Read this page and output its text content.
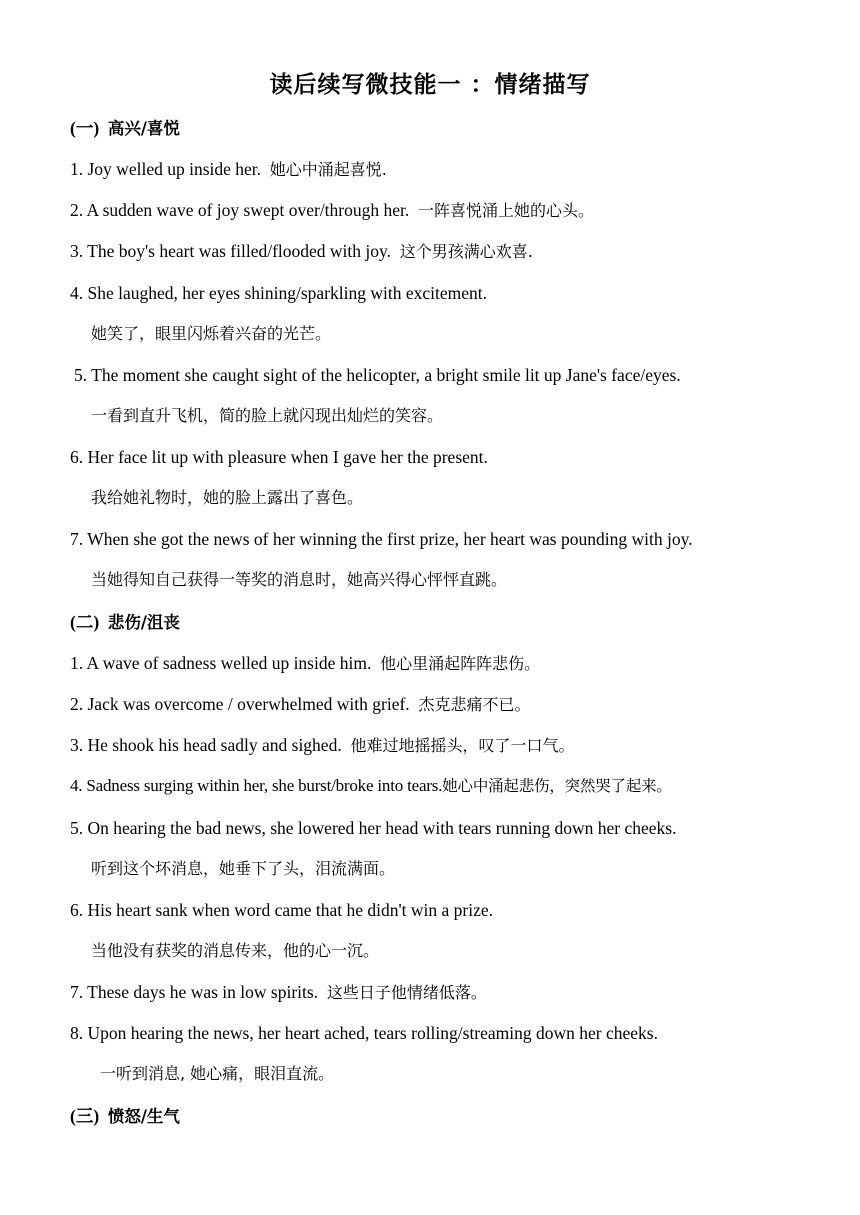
读后续写微技能一 ：情绪描写
(一) 高兴/喜悦
1. Joy welled up inside her. 她心中涌起喜悦.
2. A sudden wave of joy swept over/through her. 一阵喜悦涌上她的心头。
3. The boy's heart was filled/flooded with joy. 这个男孩满心欢喜.
4. She laughed, her eyes shining/sparkling with excitement.
她笑了，眼里闪烁着兴奋的光芒。
5. The moment she caught sight of the helicopter, a bright smile lit up Jane's face/eyes.
一看到直升飞机，简的脸上就闪现出灿烂的笑容。
6. Her face lit up with pleasure when I gave her the present.
我给她礼物时，她的脸上露出了喜色。
7. When she got the news of her winning the first prize, her heart was pounding with joy.
当她得知自己获得一等奖的消息时，她高兴得心怦怦直跳。
(二) 悲伤/沮丧
1. A wave of sadness welled up inside him. 他心里涌起阵阵悲伤。
2. Jack was overcome / overwhelmed with grief. 杰克悲痛不已。
3. He shook his head sadly and sighed. 他难过地摇摇头，叹了一口气。
4. Sadness surging within her, she burst/broke into tears.她心中涌起悲伤，突然哭了起来。
5. On hearing the bad news, she lowered her head with tears running down her cheeks.
听到这个坏消息，她垂下了头，泪流满面。
6. His heart sank when word came that he didn't win a prize.
当他没有获奖的消息传来，他的心一沉。
7. These days he was in low spirits. 这些日子他情绪低落。
8. Upon hearing the news, her heart ached, tears rolling/streaming down her cheeks.
一听到消息, 她心痛，眼泪直流。
(三) 愤怒/生气
